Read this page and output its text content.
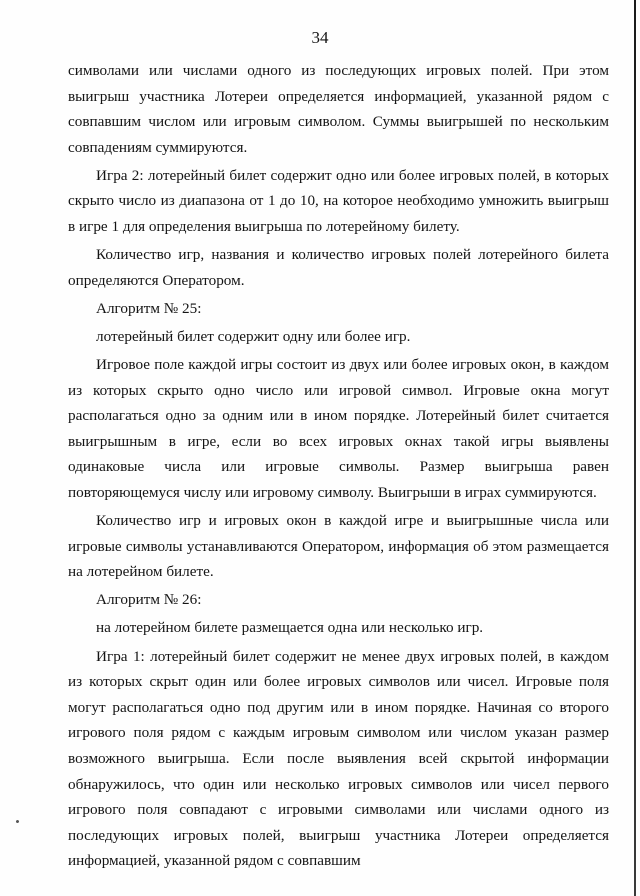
34

символами или числами одного из последующих игровых полей. При этом выигрыш участника Лотереи определяется информацией, указанной рядом с совпавшим числом или игровым символом. Суммы выигрышей по нескольким совпадениям суммируются.

Игра 2: лотерейный билет содержит одно или более игровых полей, в которых скрыто число из диапазона от 1 до 10, на которое необходимо умножить выигрыш в игре 1 для определения выигрыша по лотерейному билету.

Количество игр, названия и количество игровых полей лотерейного билета определяются Оператором.

Алгоритм № 25:

лотерейный билет содержит одну или более игр.

Игровое поле каждой игры состоит из двух или более игровых окон, в каждом из которых скрыто одно число или игровой символ. Игровые окна могут располагаться одно за одним или в ином порядке. Лотерейный билет считается выигрышным в игре, если во всех игровых окнах такой игры выявлены одинаковые числа или игровые символы. Размер выигрыша равен повторяющемуся числу или игровому символу. Выигрыши в играх суммируются.

Количество игр и игровых окон в каждой игре и выигрышные числа или игровые символы устанавливаются Оператором, информация об этом размещается на лотерейном билете.

Алгоритм № 26:

на лотерейном билете размещается одна или несколько игр.

Игра 1: лотерейный билет содержит не менее двух игровых полей, в каждом из которых скрыт один или более игровых символов или чисел. Игровые поля могут располагаться одно под другим или в ином порядке. Начиная со второго игрового поля рядом с каждым игровым символом или числом указан размер возможного выигрыша. Если после выявления всей скрытой информации обнаружилось, что один или несколько игровых символов или чисел первого игрового поля совпадают с игровыми символами или числами одного из последующих игровых полей, выигрыш участника Лотереи определяется информацией, указанной рядом с совпавшим
